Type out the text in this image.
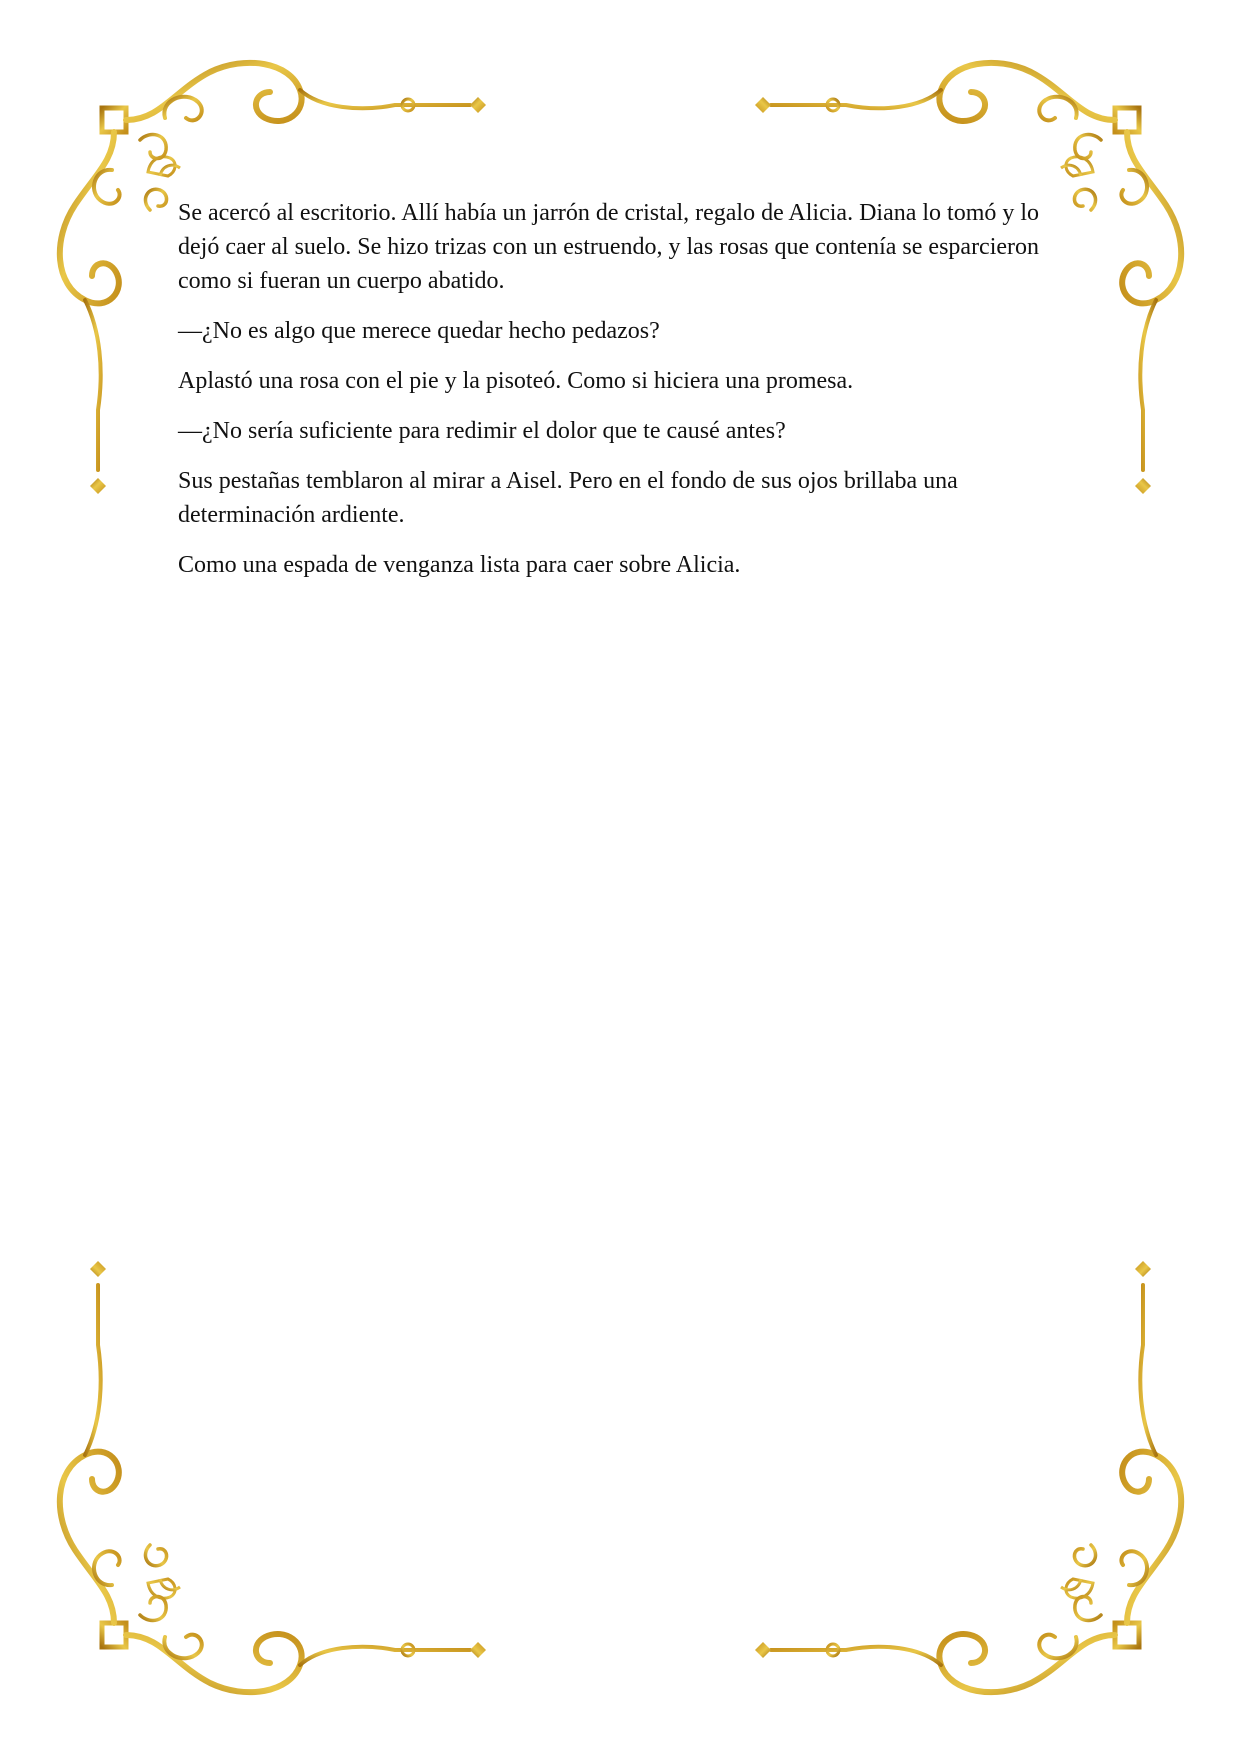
Se acercó al escritorio. Allí había un jarrón de cristal, regalo de Alicia. Diana lo tomó y lo dejó caer al suelo. Se hizo trizas con un estruendo, y las rosas que contenía se esparcieron como si fueran un cuerpo abatido.

—¿No es algo que merece quedar hecho pedazos?

Aplastó una rosa con el pie y la pisoteó. Como si hiciera una promesa.

—¿No sería suficiente para redimir el dolor que te causé antes?

Sus pestañas temblaron al mirar a Aisel. Pero en el fondo de sus ojos brillaba una determinación ardiente.

Como una espada de venganza lista para caer sobre Alicia.
